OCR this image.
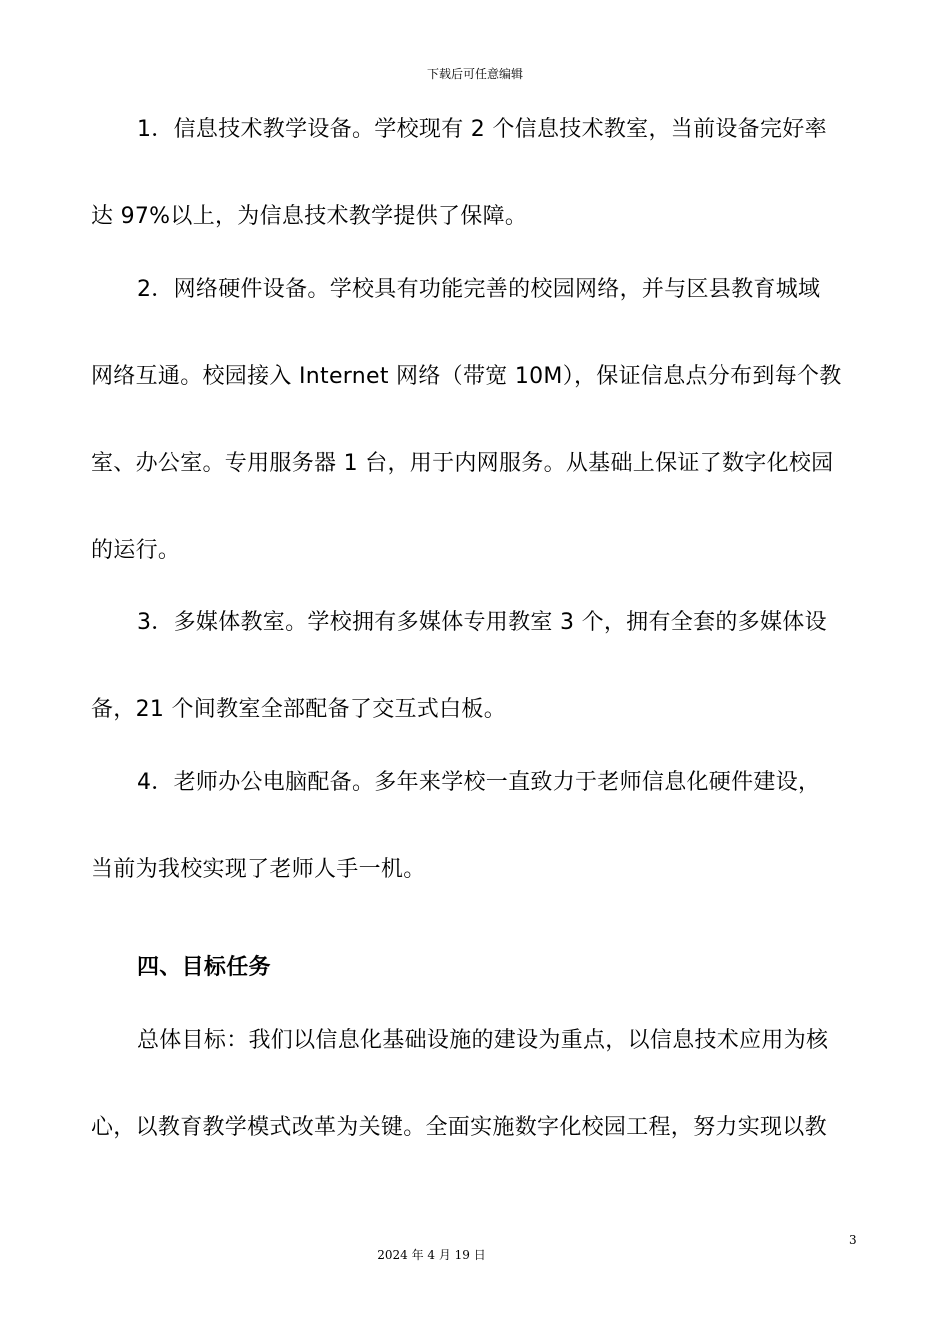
下载后可任意编辑
1．信息技术教学设备。学校现有 2 个信息技术教室，当前设备完好率
达 97%以上，为信息技术教学提供了保障。
2．网络硬件设备。学校具有功能完善的校园网络，并与区县教育城域
网络互通。校园接入 Internet 网络（带宽 10M），保证信息点分布到每个教
室、办公室。专用服务器 1 台，用于内网服务。从基础上保证了数字化校园
的运行。
3．多媒体教室。学校拥有多媒体专用教室 3 个，拥有全套的多媒体设
备，21 个间教室全部配备了交互式白板。
4．老师办公电脑配备。多年来学校一直致力于老师信息化硬件建设，
当前为我校实现了老师人手一机。
四、目标任务
总体目标：我们以信息化基础设施的建设为重点，以信息技术应用为核
心，以教育教学模式改革为关键。全面实施数字化校园工程，努力实现以教
3
2024 年 4 月 19 日
